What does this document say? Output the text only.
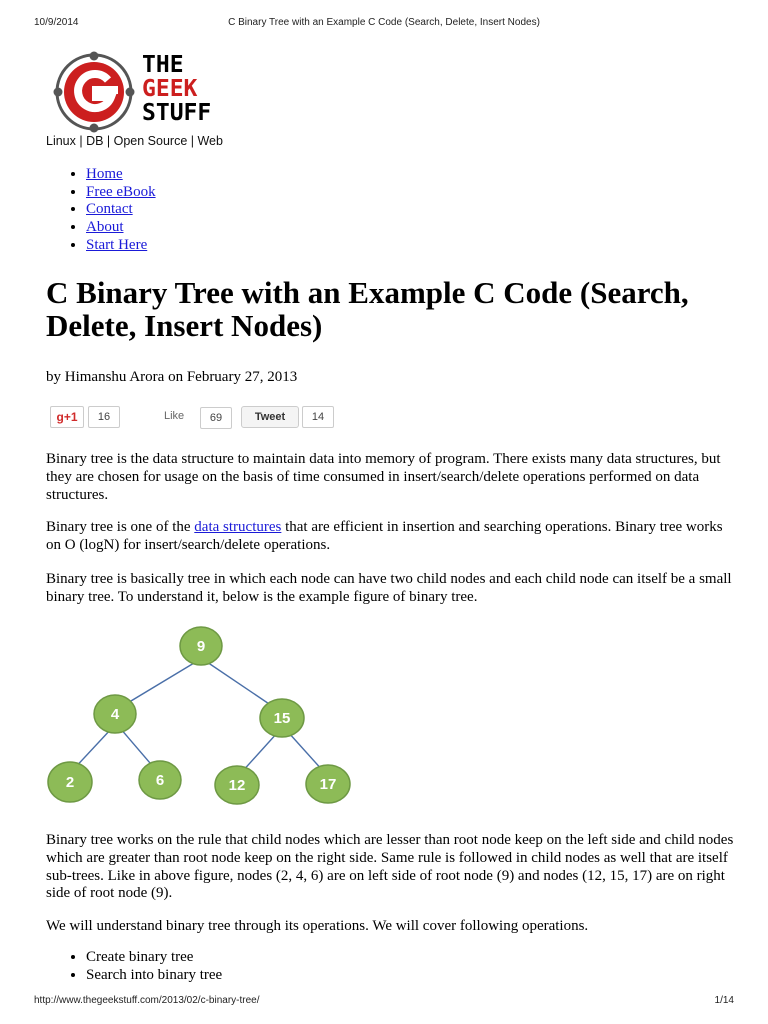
10/9/2014	C Binary Tree with an Example C Code (Search, Delete, Insert Nodes)
THE
GEEK
STUFF
Linux | DB | Open Source | Web
• Home
• Free eBook
• Contact
• About
• Start Here
C Binary Tree with an Example C Code (Search, Delete, Insert Nodes)
by Himanshu Arora on February 27, 2013
g+1	16	Like	69	Tweet	14

Binary tree is the data structure to maintain data into memory of program. There exists many data structures, but they are chosen for usage on the basis of time consumed in insert/search/delete operations performed on data structures.

Binary tree is one of the data structures that are efficient in insertion and searching operations. Binary tree works on O (logN) for insert/search/delete operations.

Binary tree is basically tree in which each node can have two child nodes and each child node can itself be a small binary tree. To understand it, below is the example figure of binary tree.

9
4	15
2	6	12	17

Binary tree works on the rule that child nodes which are lesser than root node keep on the left side and child nodes which are greater than root node keep on the right side. Same rule is followed in child nodes as well that are itself sub-trees. Like in above figure, nodes (2, 4, 6) are on left side of root node (9) and nodes (12, 15, 17) are on right side of root node (9).

We will understand binary tree through its operations. We will cover following operations.

• Create binary tree
• Search into binary tree
http://www.thegeekstuff.com/2013/02/c-binary-tree/	1/14
